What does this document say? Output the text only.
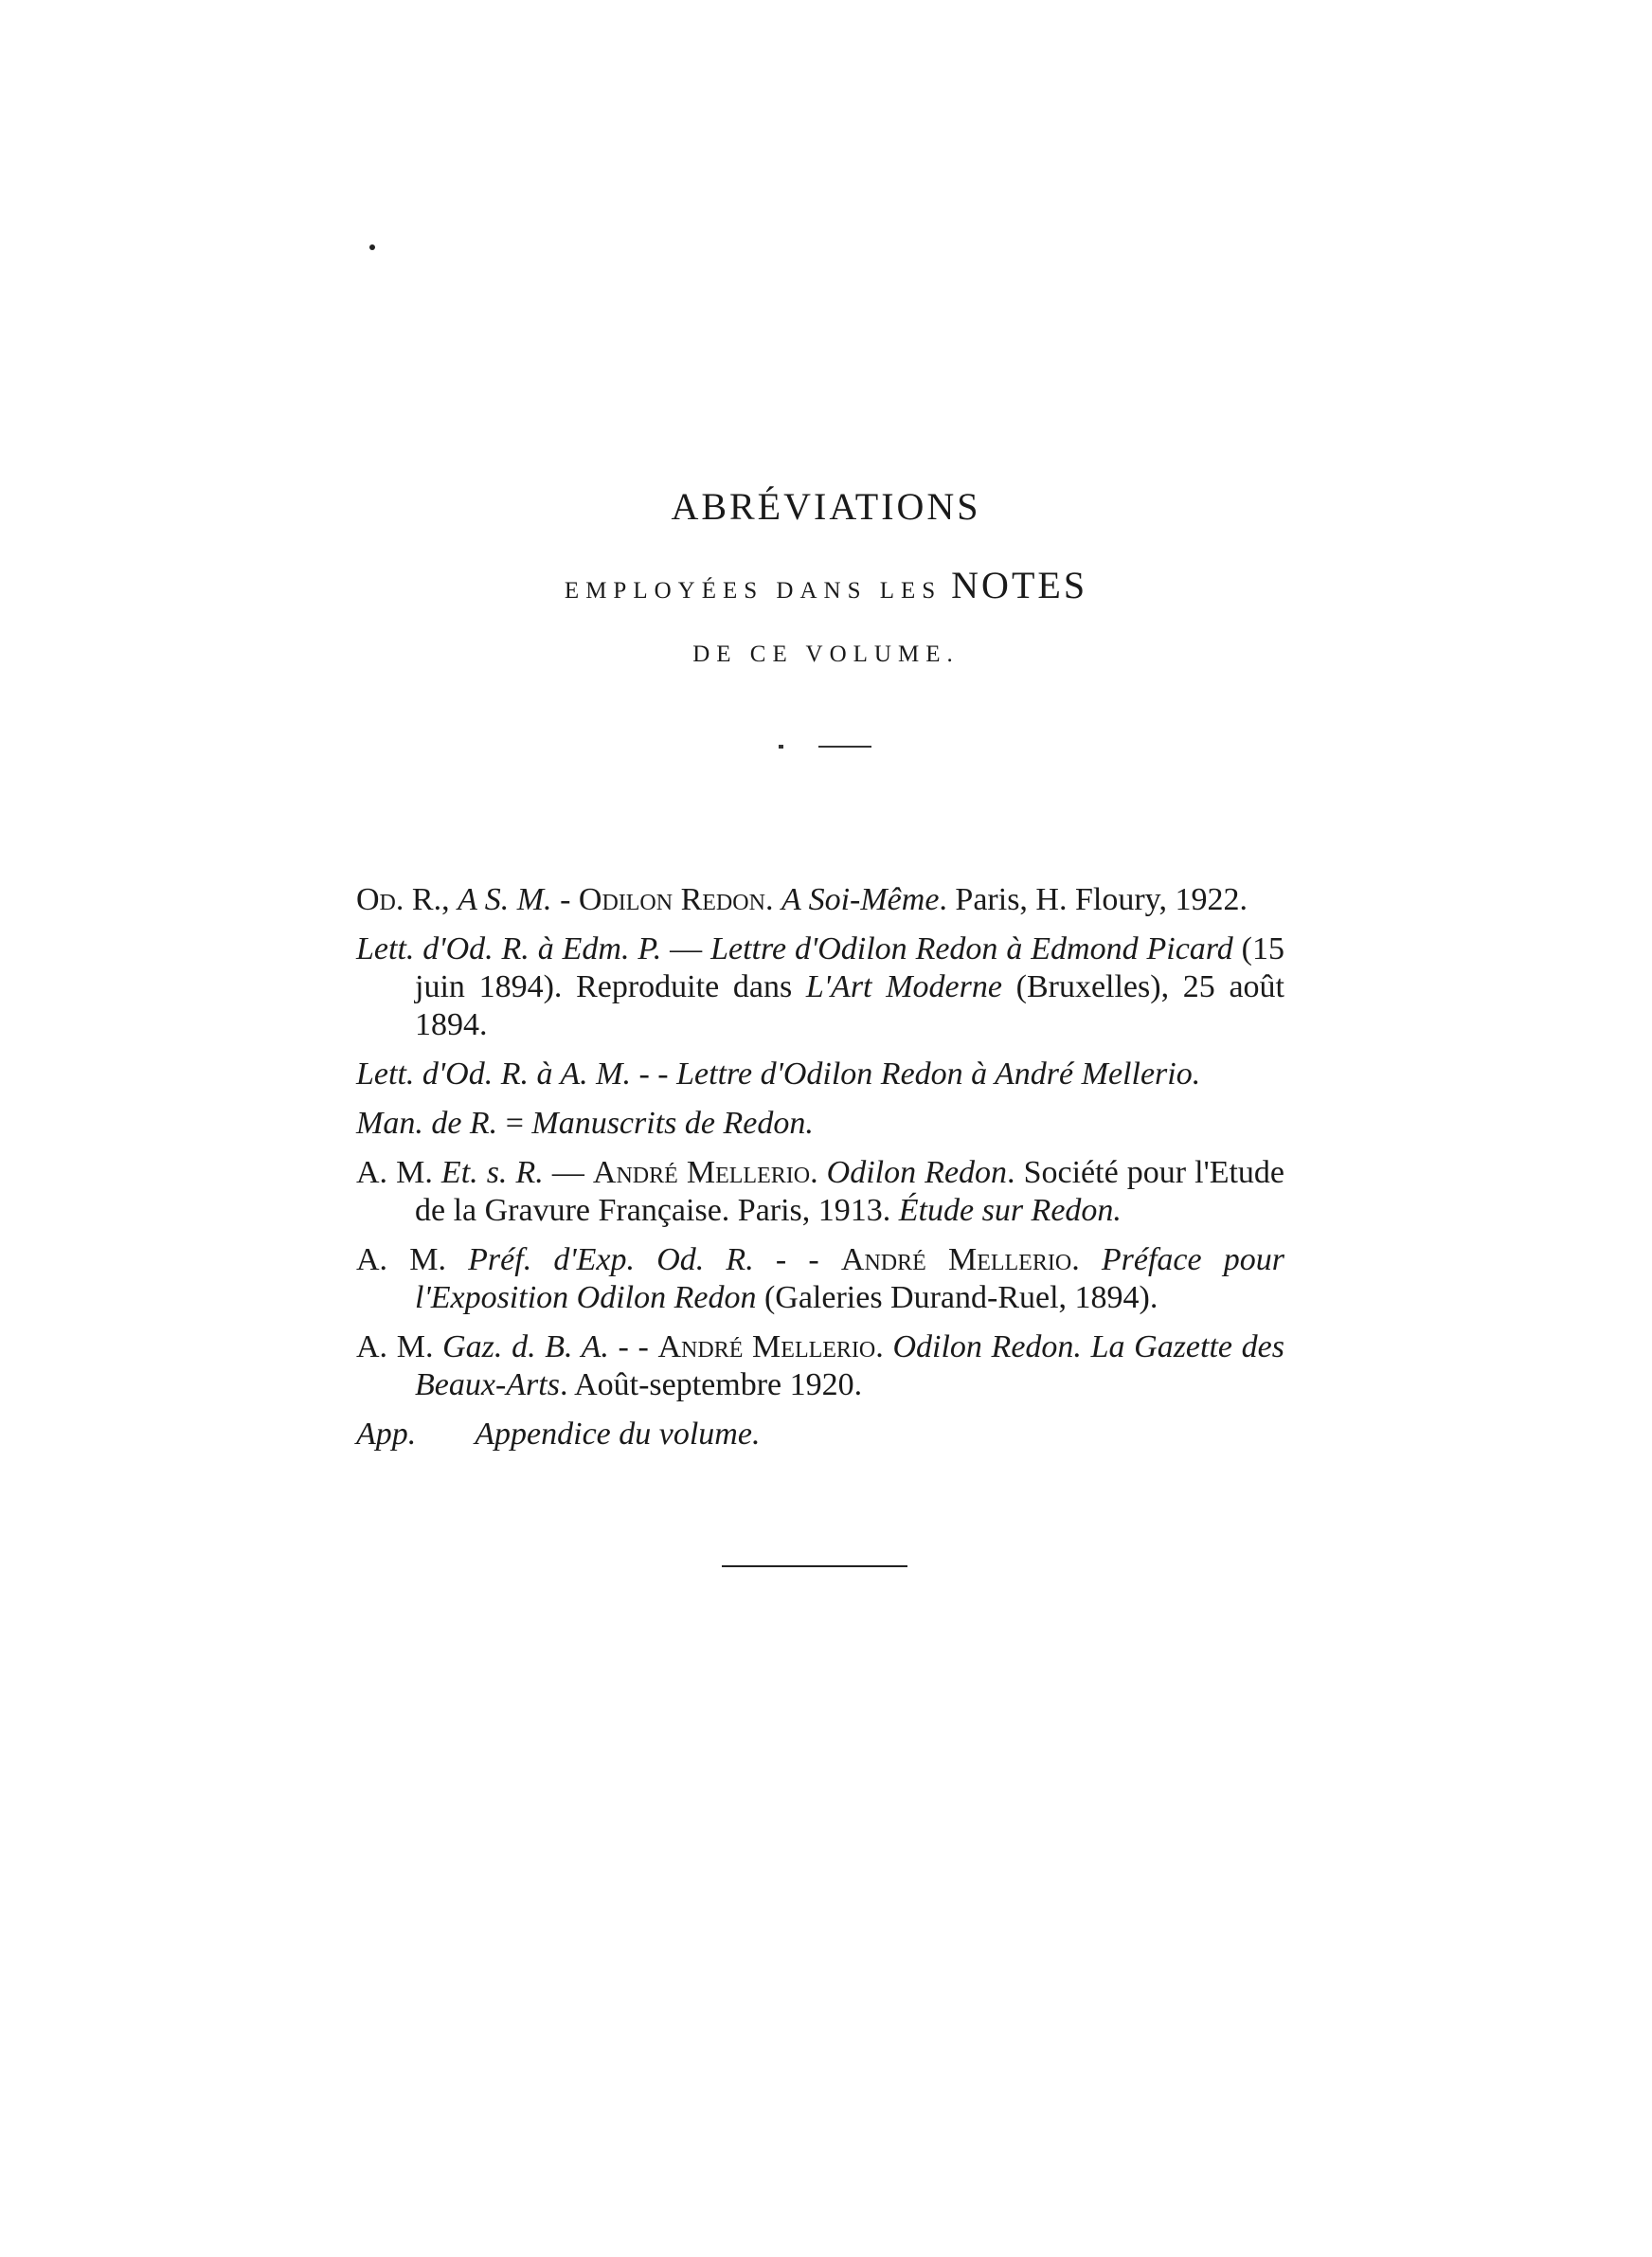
ABRÉVIATIONS
EMPLOYÉES DANS LES NOTES
DE CE VOLUME.
Od. R., A S. M. - Odilon Redon. A Soi-Même. Paris, H. Floury, 1922.
Lett. d'Od. R. à Edm. P. — Lettre d'Odilon Redon à Edmond Picard (15 juin 1894). Reproduite dans L'Art Moderne (Bruxelles), 25 août 1894.
Lett. d'Od. R. à A. M. - - Lettre d'Odilon Redon à André Mellerio.
Man. de R. = Manuscrits de Redon.
A. M. Et. s. R. — André Mellerio. Odilon Redon. Société pour l'Etude de la Gravure Française. Paris, 1913. Étude sur Redon.
A. M. Préf. d'Exp. Od. R. - - André Mellerio. Préface pour l'Exposition Odilon Redon (Galeries Durand-Ruel, 1894).
A. M. Gaz. d. B. A. - - André Mellerio. Odilon Redon. La Gazette des Beaux-Arts. Août-septembre 1920.
App. Appendice du volume.
